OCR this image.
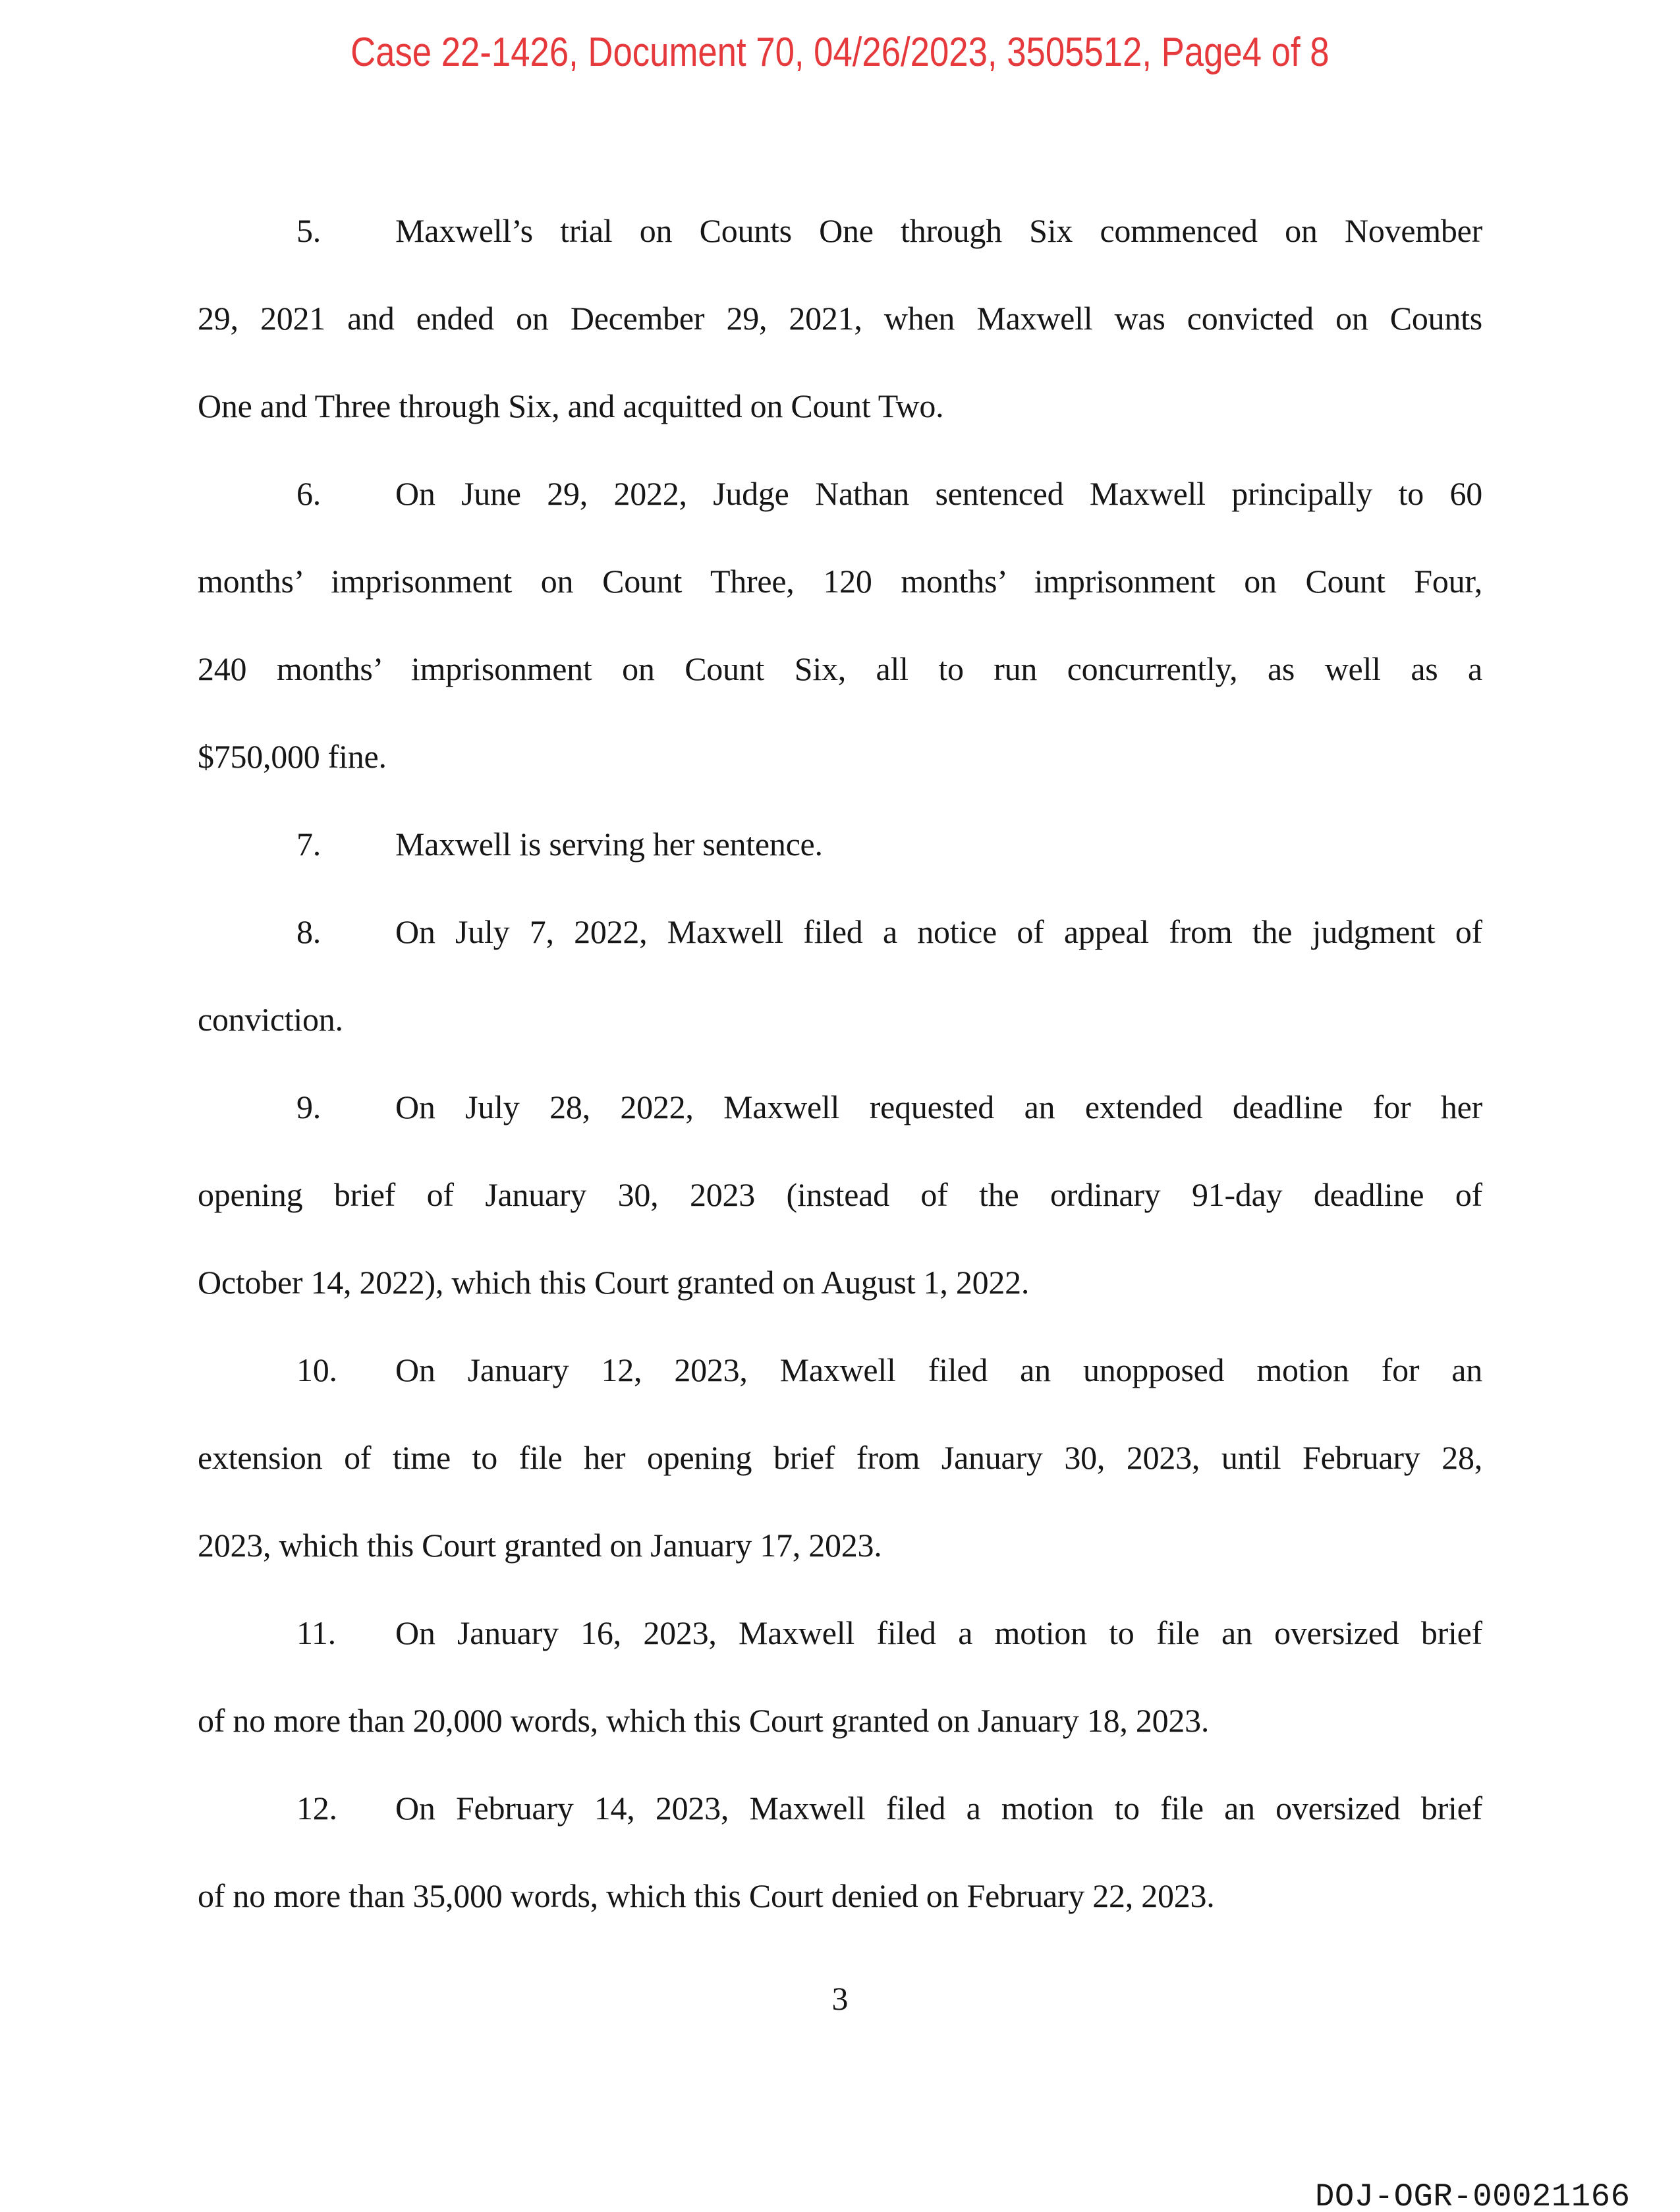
Case 22-1426, Document 70, 04/26/2023, 3505512, Page4 of 8
5. Maxwell’s trial on Counts One through Six commenced on November
29, 2021 and ended on December 29, 2021, when Maxwell was convicted on Counts
One and Three through Six, and acquitted on Count Two.
6. On June 29, 2022, Judge Nathan sentenced Maxwell principally to 60
months’ imprisonment on Count Three, 120 months’ imprisonment on Count Four,
240 months’ imprisonment on Count Six, all to run concurrently, as well as a
$750,000 fine.
7. Maxwell is serving her sentence.
8. On July 7, 2022, Maxwell filed a notice of appeal from the judgment of
conviction.
9. On July 28, 2022, Maxwell requested an extended deadline for her
opening brief of January 30, 2023 (instead of the ordinary 91-day deadline of
October 14, 2022), which this Court granted on August 1, 2022.
10. On January 12, 2023, Maxwell filed an unopposed motion for an
extension of time to file her opening brief from January 30, 2023, until February 28,
2023, which this Court granted on January 17, 2023.
11. On January 16, 2023, Maxwell filed a motion to file an oversized brief
of no more than 20,000 words, which this Court granted on January 18, 2023.
12. On February 14, 2023, Maxwell filed a motion to file an oversized brief
of no more than 35,000 words, which this Court denied on February 22, 2023.
3
DOJ-OGR-00021166
